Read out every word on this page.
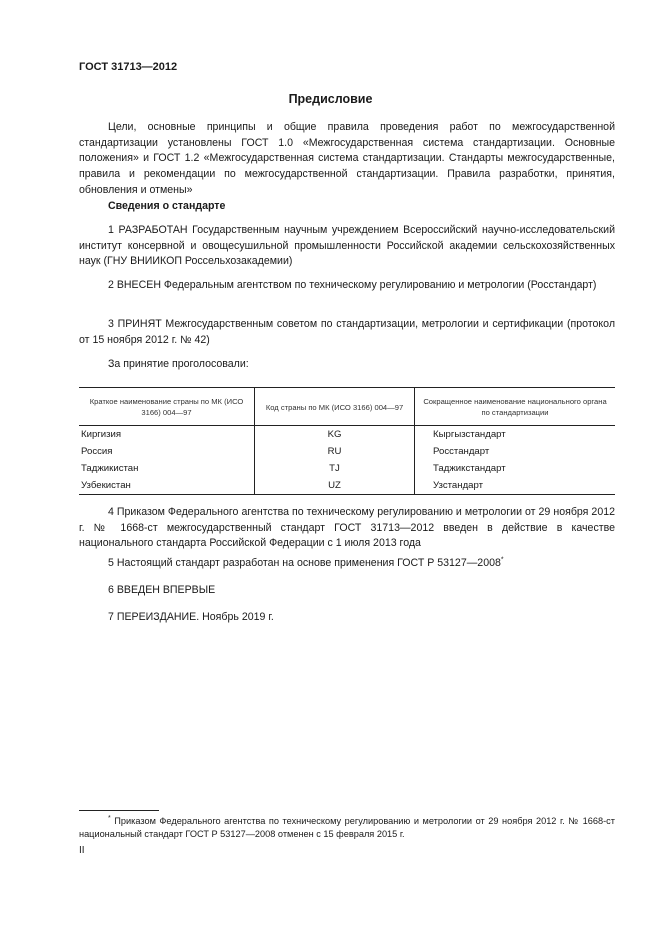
ГОСТ 31713—2012
Предисловие
Цели, основные принципы и общие правила проведения работ по межгосударственной стандартизации установлены ГОСТ 1.0 «Межгосударственная система стандартизации. Основные положения» и ГОСТ 1.2 «Межгосударственная система стандартизации. Стандарты межгосударственные, правила и рекомендации по межгосударственной стандартизации. Правила разработки, принятия, обновления и отмены»
Сведения о стандарте
1 РАЗРАБОТАН Государственным научным учреждением Всероссийский научно-исследовательский институт консервной и овощесушильной промышленности Российской академии сельскохозяйственных наук (ГНУ ВНИИКОП Россельхозакадемии)
2 ВНЕСЕН Федеральным агентством по техническому регулированию и метрологии (Росстандарт)
3 ПРИНЯТ Межгосударственным советом по стандартизации, метрологии и сертификации (протокол от 15 ноября 2012 г. № 42)
За принятие проголосовали:
Краткое наименование страны по МК (ИСО 3166) 004—97	Код страны по МК (ИСО 3166) 004—97	Сокращенное наименование национального органа по стандартизации
Киргизия	KG	Кыргызстандарт
Россия	RU	Росстандарт
Таджикистан	TJ	Таджикстандарт
Узбекистан	UZ	Узстандарт
4 Приказом Федерального агентства по техническому регулированию и метрологии от 29 ноября 2012 г. № 1668-ст межгосударственный стандарт ГОСТ 31713—2012 введен в действие в качестве национального стандарта Российской Федерации с 1 июля 2013 года
5 Настоящий стандарт разработан на основе применения ГОСТ Р 53127—2008*
6 ВВЕДЕН ВПЕРВЫЕ
7 ПЕРЕИЗДАНИЕ. Ноябрь 2019 г.
* Приказом Федерального агентства по техническому регулированию и метрологии от 29 ноября 2012 г. № 1668-ст национальный стандарт ГОСТ Р 53127—2008 отменен с 15 февраля 2015 г.
II
